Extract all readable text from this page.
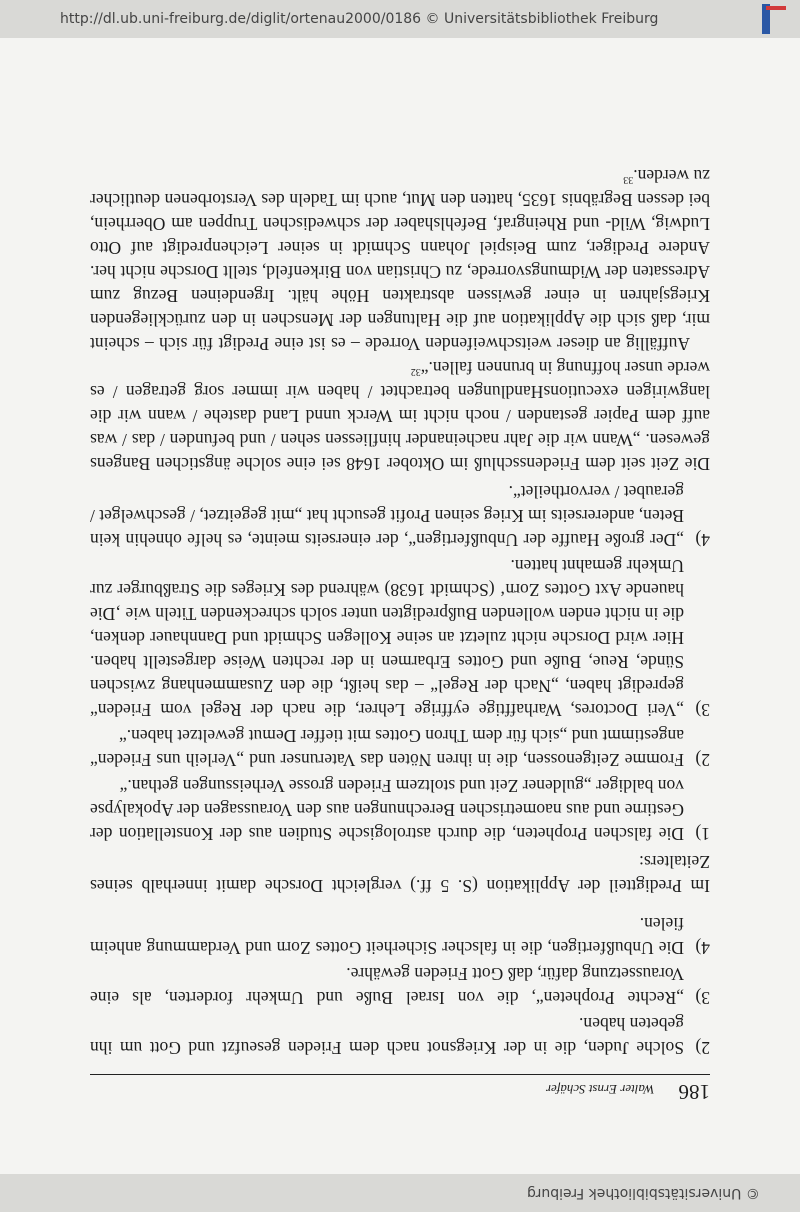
http://dl.ub.uni-freiburg.de/diglit/ortenau2000/0186 © Universitätsbibliothek Freiburg
186
Walter Ernst Schäfer
2)
Solche Juden, die in der Kriegsnot nach dem Frieden geseufzt und Gott um ihn gebeten haben.
3)
„Rechte Propheten“, die von Israel Buße und Umkehr forderten, als eine Voraussetzung dafür, daß Gott Frieden gewähre.
4)
Die Unbußfertigen, die in falscher Sicherheit Gottes Zorn und Verdammung anheim fielen.

Im Predigtteil der Applikation (S. 5 ff.) vergleicht Dorsche damit innerhalb seines Zeitalters:

1)
Die falschen Propheten, die durch astrologische Studien aus der Konstellation der Gestirne und aus naometrischen Berechnungen aus den Voraussagen der Apokalypse von baldiger „guldener Zeit und stoltzem Frieden grosse Verheissungen gethan.“
2)
Fromme Zeitgenossen, die in ihren Nöten das Vaterunser und „Verleih uns Frieden“ angestimmt und „sich für dem Thron Gottes mit tieffer Demut geweltzet haben.“
3)
„Veri Doctores, Warhafftige eyffrige Lehrer, die nach der Regel vom Frieden“ gepredigt haben, „Nach der Regel“ – das heißt, die den Zusammenhang zwischen Sünde, Reue, Buße und Gottes Erbarmen in der rechten Weise dargestellt haben. Hier wird Dorsche nicht zuletzt an seine Kollegen Schmidt und Dannhauer denken, die in nicht enden wollenden Bußpredigten unter solch schreckenden Titeln wie ‚Die hauende Axt Gottes Zorn‘ (Schmidt 1638) während des Krieges die Straßburger zur Umkehr gemahnt hatten.
4)
„Der große Hauffe der Unbußfertigen“, der einerseits meinte, es helfe ohnehin kein Beten, andererseits im Krieg seinen Profit gesucht hat „mit gegeitzet, / geschwelget / geraubet / vervortheilet“.

Die Zeit seit dem Friedensschluß im Oktober 1648 sei eine solche ängstichen Bangens gewesen. „Wann wir die Jahr nacheinander hinfliessen sehen / und befunden / das / was auff dem Papier gestanden / noch nicht im Werck unnd Land dastehe / wann wir die langwirigen executionsHandlungen betrachtet / haben wir immer sorg getragen / es werde unser hoffnung in brunnen fallen.“$^{32}$

Auffällig an dieser weitschweifenden Vorrede – es ist eine Predigt für sich – scheint mir, daß sich die Applikation auf die Haltungen der Menschen in den zurückliegenden Kriegsjahren in einer gewissen abstrakten Höhe hält. Irgendeinen Bezug zum Adressaten der Widmungsvorrede, zu Christian von Birkenfeld, stellt Dorsche nicht her. Andere Prediger, zum Beispiel Johann Schmidt in seiner Leichenpredigt auf Otto Ludwig, Wild- und Rheingraf, Befehlshaber der schwedischen Truppen am Oberrhein, bei dessen Begräbnis 1635, hatten den Mut, auch im Tadeln des Verstorbenen deutlicher zu werden.$^{33}$

© Universitätsbibliothek Freiburg
